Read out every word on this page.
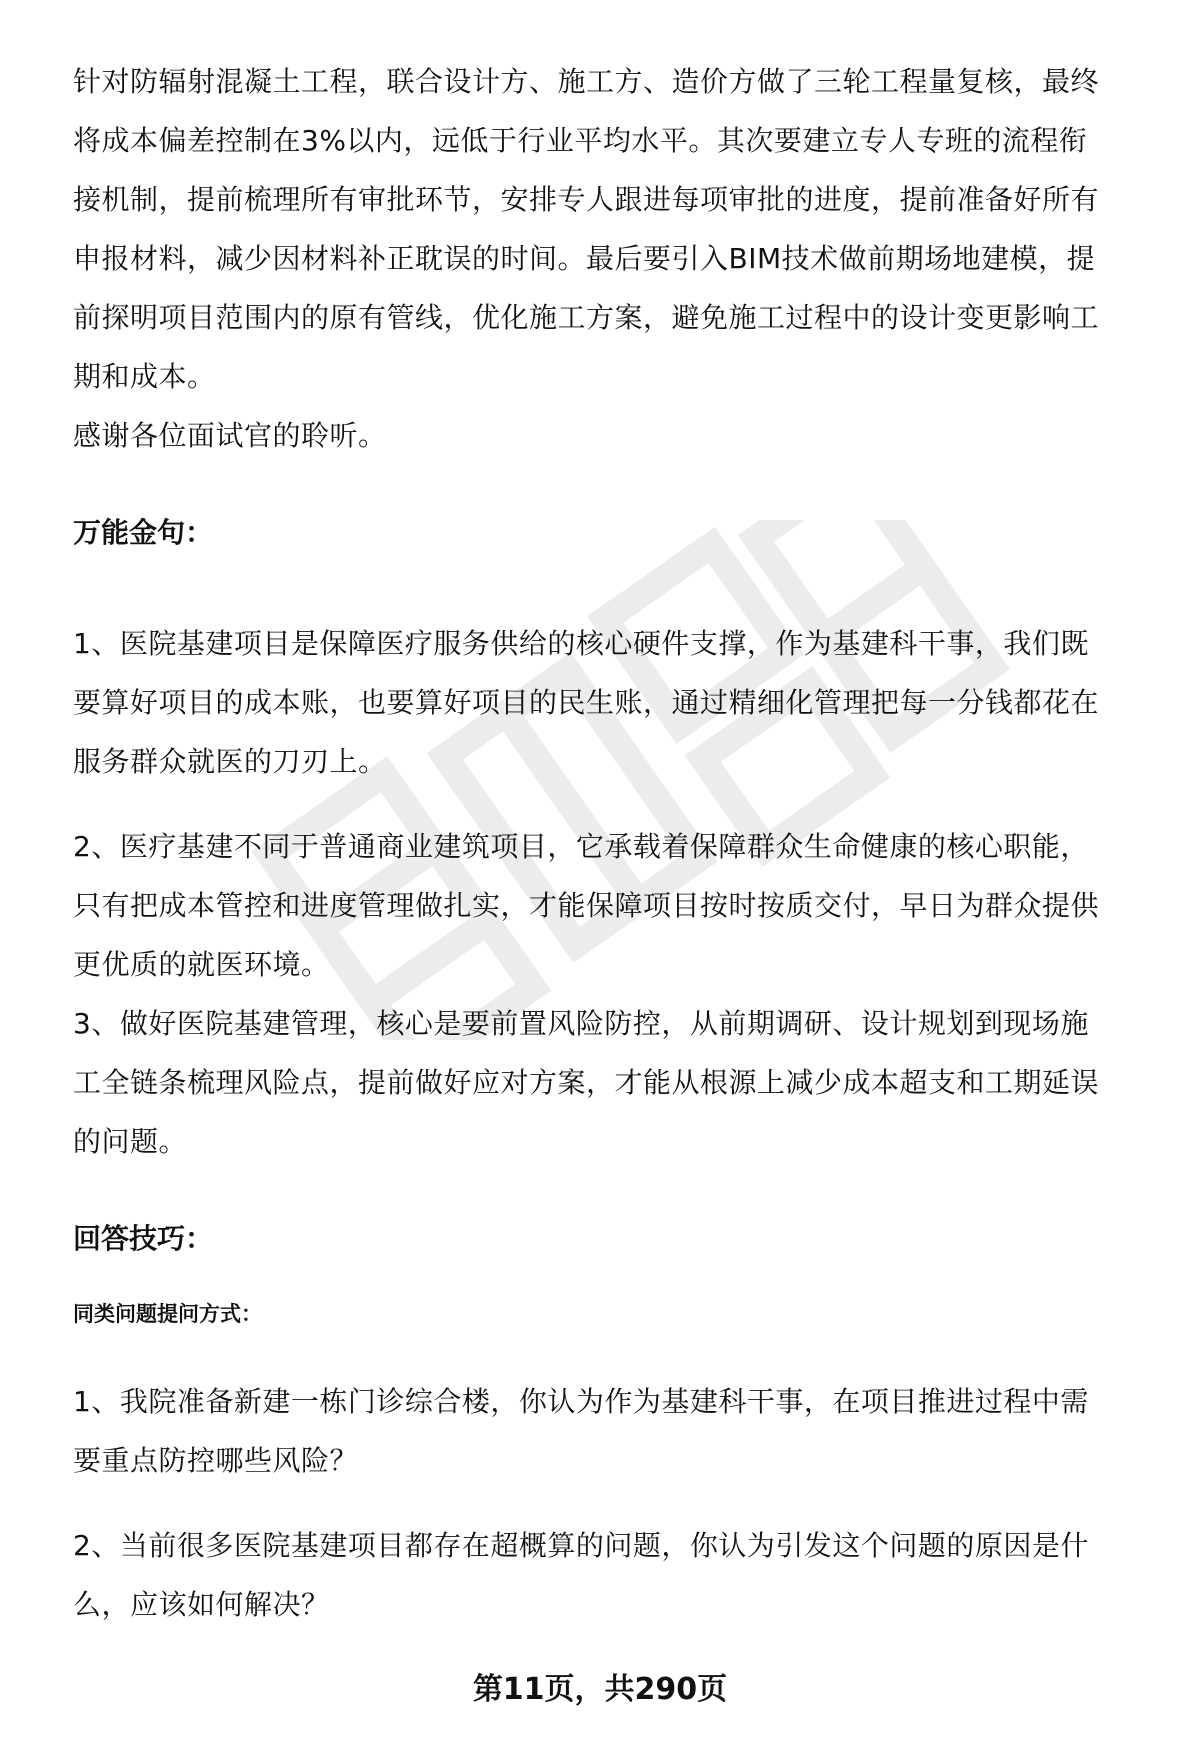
针对防辐射混凝土工程，联合设计方、施工方、造价方做了三轮工程量复核，最终

将成本偏差控制在3%以内，远低于行业平均水平。其次要建立专人专班的流程衔

接机制，提前梳理所有审批环节，安排专人跟进每项审批的进度，提前准备好所有

申报材料，减少因材料补正耽误的时间。最后要引入BIM技术做前期场地建模，提

前探明项目范围内的原有管线，优化施工方案，避免施工过程中的设计变更影响工

期和成本。

感谢各位面试官的聆听。

万能金句：

1、医院基建项目是保障医疗服务供给的核心硬件支撑，作为基建科干事，我们既

要算好项目的成本账，也要算好项目的民生账，通过精细化管理把每一分钱都花在

服务群众就医的刀刃上。

2、医疗基建不同于普通商业建筑项目，它承载着保障群众生命健康的核心职能，

只有把成本管控和进度管理做扎实，才能保障项目按时按质交付，早日为群众提供

更优质的就医环境。

3、做好医院基建管理，核心是要前置风险防控，从前期调研、设计规划到现场施

工全链条梳理风险点，提前做好应对方案，才能从根源上减少成本超支和工期延误

的问题。

回答技巧：

同类问题提问方式：

1、我院准备新建一栋门诊综合楼，你认为作为基建科干事，在项目推进过程中需

要重点防控哪些风险？

2、当前很多医院基建项目都存在超概算的问题，你认为引发这个问题的原因是什

么，应该如何解决？

第11页，共290页
